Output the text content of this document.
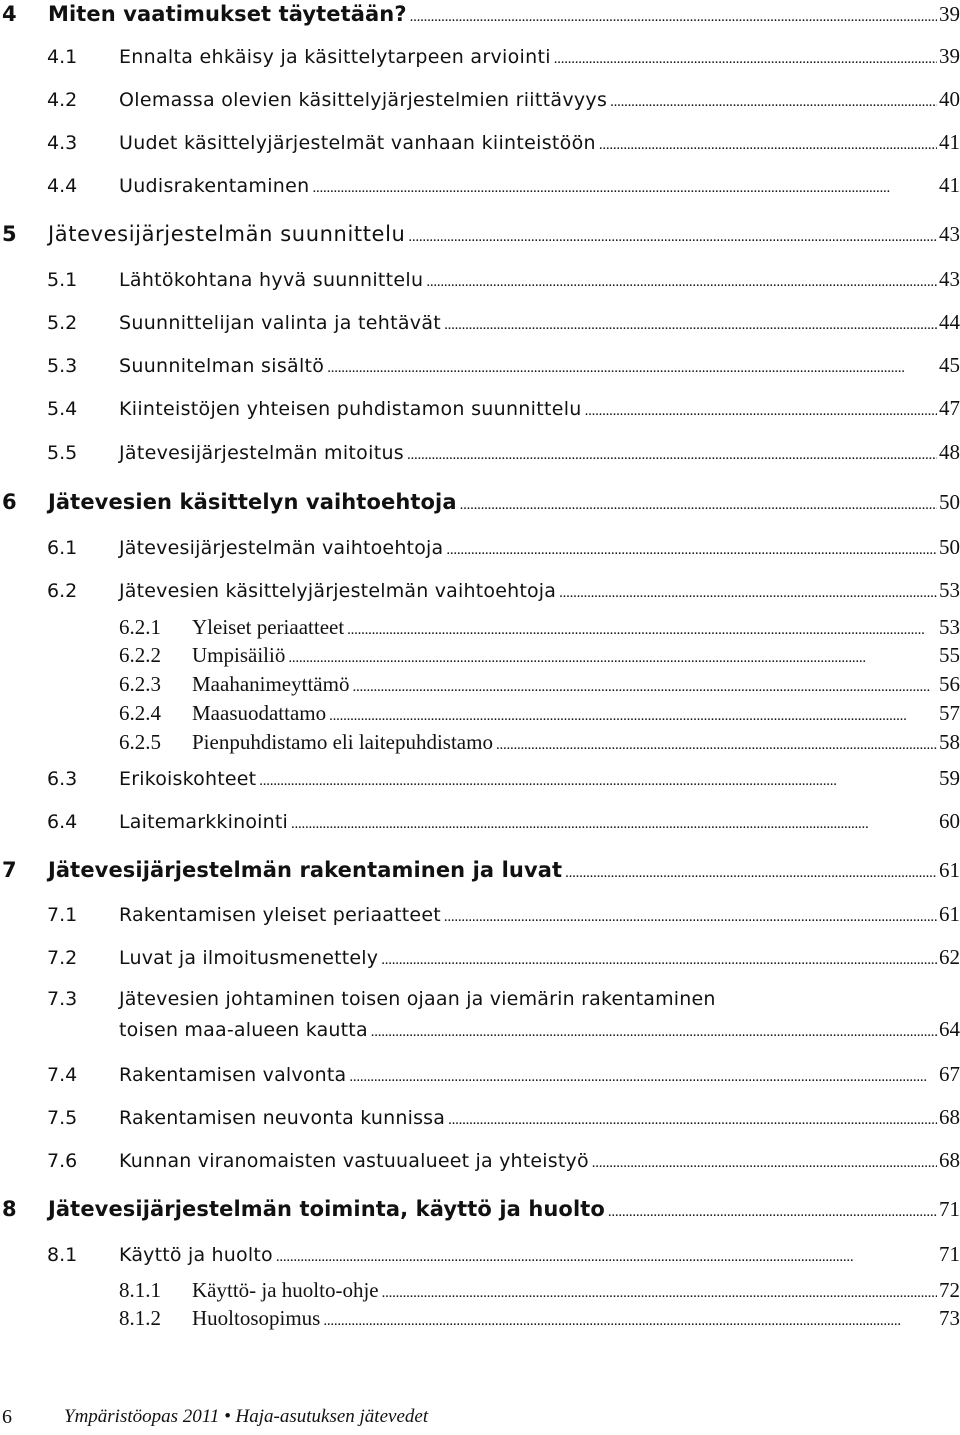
4	Miten vaatimukset täytetään? . . .	39
4.1	Ennalta ehkäisy ja käsittelytarpeen arviointi . . .	39
4.2	Olemassa olevien käsittelyjärjestelmien riittävyys . . .	40
4.3	Uudet käsittelyjärjestelmät vanhaan kiinteistöön . . .	41
4.4	Uudisrakentaminen . . .	41
5	Jätevesijärjestelmän suunnittelu . . .	43
5.1	Lähtökohtana hyvä suunnittelu . . .	43
5.2	Suunnittelijan valinta ja tehtävät . . .	44
5.3	Suunnitelman sisältö . . .	45
5.4	Kiinteistöjen yhteisen puhdistamon suunnittelu . . .	47
5.5	Jätevesijärjestelmän mitoitus . . .	48
6	Jätevesien käsittelyn vaihtoehtoja . . .	50
6.1	Jätevesijärjestelmän vaihtoehtoja . . .	50
6.2	Jätevesien käsittelyjärjestelmän vaihtoehtoja . . .	53
6.2.1	Yleiset periaatteet . . .	53
6.2.2	Umpisäiliö . . .	55
6.2.3	Maahanimeyttämö . . .	56
6.2.4	Maasuodattamo . . .	57
6.2.5	Pienpuhdistamo eli laitepuhdistamo . . .	58
6.3	Erikoiskohteet . . .	59
6.4	Laitemarkkinointi . . .	60
7	Jätevesijärjestelmän rakentaminen ja luvat . . .	61
7.1	Rakentamisen yleiset periaatteet . . .	61
7.2	Luvat ja ilmoitusmenettely . . .	62
7.3	Jätevesien johtaminen toisen ojaan ja viemärin rakentaminen
toisen maa-alueen kautta . . .	64
7.4	Rakentamisen valvonta . . .	67
7.5	Rakentamisen neuvonta kunnissa . . .	68
7.6	Kunnan viranomaisten vastuualueet ja yhteistyö . . .	68
8	Jätevesijärjestelmän toiminta, käyttö ja huolto . . .	71
8.1	Käyttö ja huolto . . .	71
8.1.1	Käyttö- ja huolto-ohje . . .	72
8.1.2	Huoltosopimus . . .	73
6	Ympäristöopas 2011 • Haja-asutuksen jätevedet
